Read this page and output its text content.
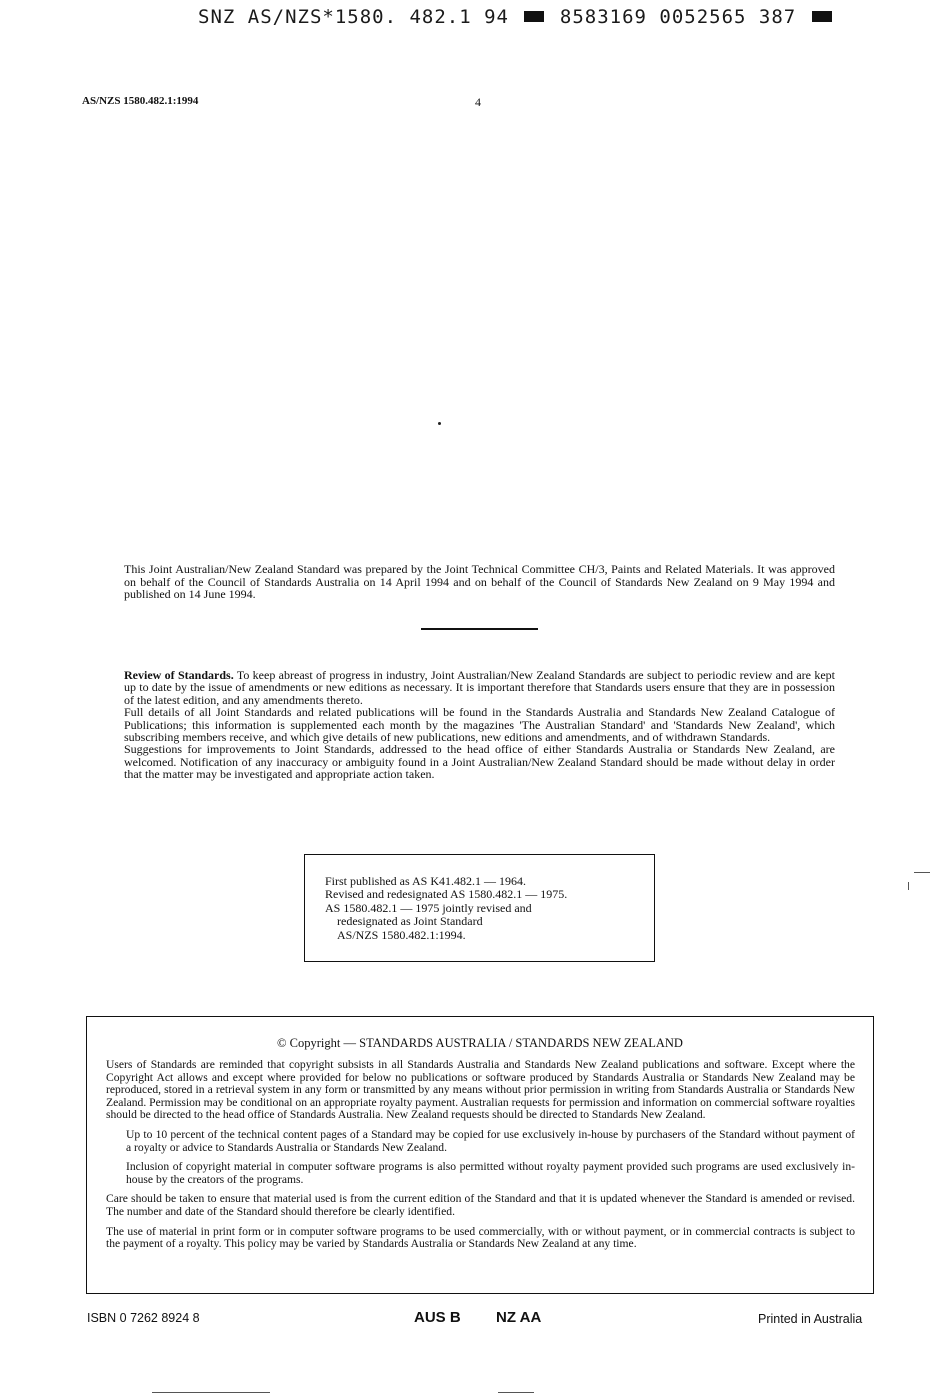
SNZ AS/NZS*1580. 482.1 94	8583169 0052565 387
AS/NZS 1580.482.1:1994	4
This Joint Australian/New Zealand Standard was prepared by the Joint Technical Committee CH/3, Paints and Related Materials. It was approved on behalf of the Council of Standards Australia on 14 April 1994 and on behalf of the Council of Standards New Zealand on 9 May 1994 and published on 14 June 1994.

Review of Standards. To keep abreast of progress in industry, Joint Australian/New Zealand Standards are subject to periodic review and are kept up to date by the issue of amendments or new editions as necessary. It is important therefore that Standards users ensure that they are in possession of the latest edition, and any amendments thereto.

Full details of all Joint Standards and related publications will be found in the Standards Australia and Standards New Zealand Catalogue of Publications; this information is supplemented each month by the magazines 'The Australian Standard' and 'Standards New Zealand', which subscribing members receive, and which give details of new publications, new editions and amendments, and of withdrawn Standards.

Suggestions for improvements to Joint Standards, addressed to the head office of either Standards Australia or Standards New Zealand, are welcomed. Notification of any inaccuracy or ambiguity found in a Joint Australian/New Zealand Standard should be made without delay in order that the matter may be investigated and appropriate action taken.

First published as AS K41.482.1 — 1964.
Revised and redesignated AS 1580.482.1 — 1975.
AS 1580.482.1 — 1975 jointly revised and
redesignated as Joint Standard
AS/NZS 1580.482.1:1994.
© Copyright — STANDARDS AUSTRALIA / STANDARDS NEW ZEALAND

Users of Standards are reminded that copyright subsists in all Standards Australia and Standards New Zealand publications and software. Except where the Copyright Act allows and except where provided for below no publications or software produced by Standards Australia or Standards New Zealand may be reproduced, stored in a retrieval system in any form or transmitted by any means without prior permission in writing from Standards Australia or Standards New Zealand. Permission may be conditional on an appropriate royalty payment. Australian requests for permission and information on commercial software royalties should be directed to the head office of Standards Australia. New Zealand requests should be directed to Standards New Zealand.

Up to 10 percent of the technical content pages of a Standard may be copied for use exclusively in-house by purchasers of the Standard without payment of a royalty or advice to Standards Australia or Standards New Zealand.

Inclusion of copyright material in computer software programs is also permitted without royalty payment provided such programs are used exclusively in-house by the creators of the programs.

Care should be taken to ensure that material used is from the current edition of the Standard and that it is updated whenever the Standard is amended or revised. The number and date of the Standard should therefore be clearly identified.

The use of material in print form or in computer software programs to be used commercially, with or without payment, or in commercial contracts is subject to the payment of a royalty. This policy may be varied by Standards Australia or Standards New Zealand at any time.

ISBN 0 7262 8924 8	AUS B NZ AA	Printed in Australia
